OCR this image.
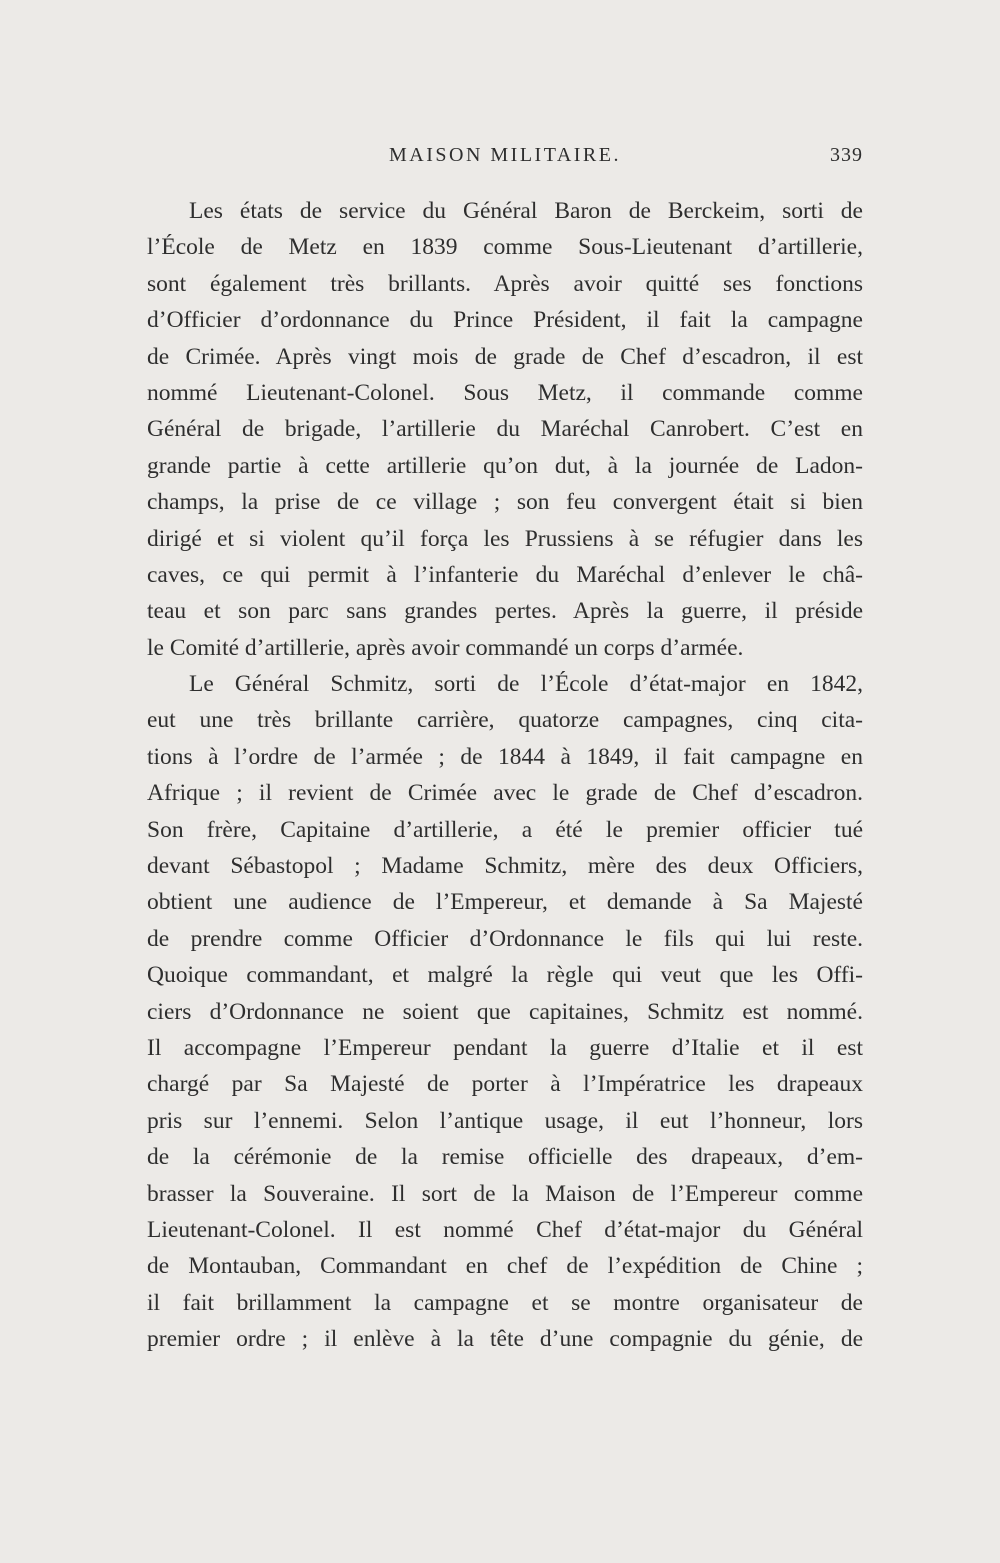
MAISON MILITAIRE.	339
Les états de service du Général Baron de Berckeim, sorti de
l’École de Metz en 1839 comme Sous-Lieutenant d’artillerie,
sont également très brillants. Après avoir quitté ses fonctions
d’Officier d’ordonnance du Prince Président, il fait la campagne
de Crimée. Après vingt mois de grade de Chef d’escadron, il est
nommé Lieutenant-Colonel. Sous Metz, il commande comme
Général de brigade, l’artillerie du Maréchal Canrobert. C’est en
grande partie à cette artillerie qu’on dut, à la journée de Ladon-
champs, la prise de ce village ; son feu convergent était si bien
dirigé et si violent qu’il força les Prussiens à se réfugier dans les
caves, ce qui permit à l’infanterie du Maréchal d’enlever le châ-
teau et son parc sans grandes pertes. Après la guerre, il préside
le Comité d’artillerie, après avoir commandé un corps d’armée.
Le Général Schmitz, sorti de l’École d’état-major en 1842,
eut une très brillante carrière, quatorze campagnes, cinq cita-
tions à l’ordre de l’armée ; de 1844 à 1849, il fait campagne en
Afrique ; il revient de Crimée avec le grade de Chef d’escadron.
Son frère, Capitaine d’artillerie, a été le premier officier tué
devant Sébastopol ; Madame Schmitz, mère des deux Officiers,
obtient une audience de l’Empereur, et demande à Sa Majesté
de prendre comme Officier d’Ordonnance le fils qui lui reste.
Quoique commandant, et malgré la règle qui veut que les Offi-
ciers d’Ordonnance ne soient que capitaines, Schmitz est nommé.
Il accompagne l’Empereur pendant la guerre d’Italie et il est
chargé par Sa Majesté de porter à l’Impératrice les drapeaux
pris sur l’ennemi. Selon l’antique usage, il eut l’honneur, lors
de la cérémonie de la remise officielle des drapeaux, d’em-
brasser la Souveraine. Il sort de la Maison de l’Empereur comme
Lieutenant-Colonel. Il est nommé Chef d’état-major du Général
de Montauban, Commandant en chef de l’expédition de Chine ;
il fait brillamment la campagne et se montre organisateur de
premier ordre ; il enlève à la tête d’une compagnie du génie, de
